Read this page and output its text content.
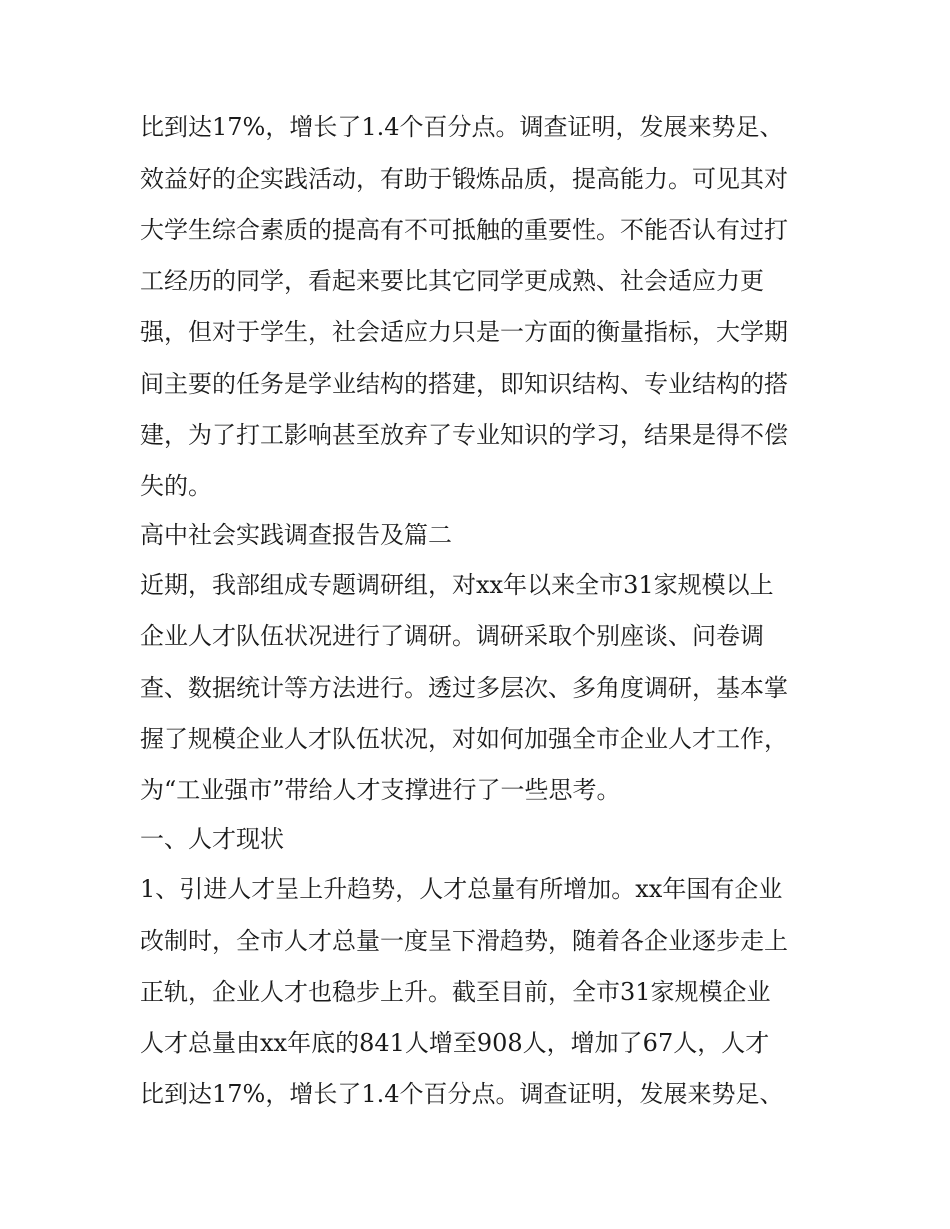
比到达17%，增长了1.4个百分点。调查证明，发展来势足、
效益好的企实践活动，有助于锻炼品质，提高能力。可见其对
大学生综合素质的提高有不可抵触的重要性。不能否认有过打
工经历的同学，看起来要比其它同学更成熟、社会适应力更
强，但对于学生，社会适应力只是一方面的衡量指标，大学期
间主要的任务是学业结构的搭建，即知识结构、专业结构的搭
建，为了打工影响甚至放弃了专业知识的学习，结果是得不偿
失的。
高中社会实践调查报告及篇二
近期，我部组成专题调研组，对xx年以来全市31家规模以上
企业人才队伍状况进行了调研。调研采取个别座谈、问卷调
查、数据统计等方法进行。透过多层次、多角度调研，基本掌
握了规模企业人才队伍状况，对如何加强全市企业人才工作，
为“工业强市”带给人才支撑进行了一些思考。
一、人才现状
1、引进人才呈上升趋势，人才总量有所增加。xx年国有企业
改制时，全市人才总量一度呈下滑趋势，随着各企业逐步走上
正轨，企业人才也稳步上升。截至目前，全市31家规模企业
人才总量由xx年底的841人增至908人，增加了67人，人才
比到达17%，增长了1.4个百分点。调查证明，发展来势足、
